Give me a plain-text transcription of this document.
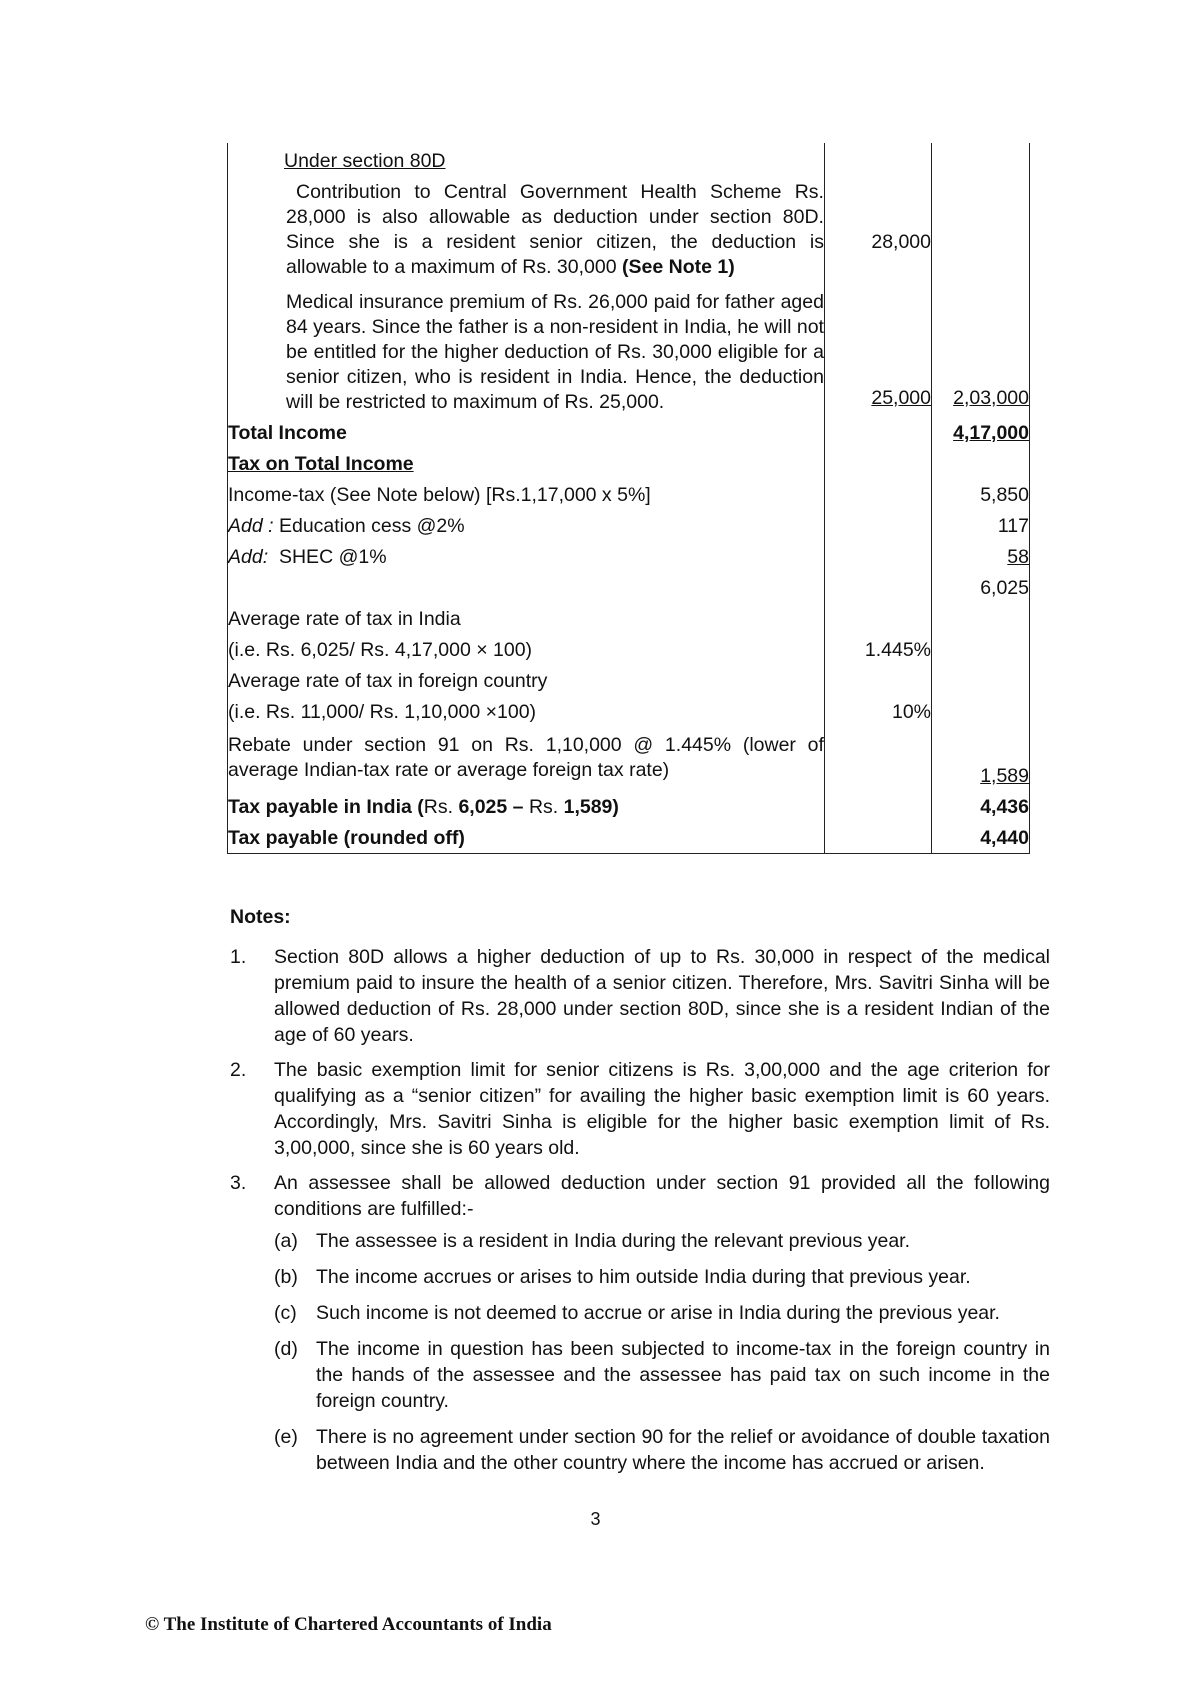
Under section 80D		

Contribution to Central Government Health Scheme Rs. 28,000 is also allowable as deduction under section 80D. Since she is a resident senior citizen, the deduction is allowable to a maximum of Rs. 30,000 (See Note 1)	28,000	

Medical insurance premium of Rs. 26,000 paid for father aged 84 years. Since the father is a non-resident in India, he will not be entitled for the higher deduction of Rs. 30,000 eligible for a senior citizen, who is resident in India. Hence, the deduction will be restricted to maximum of Rs. 25,000.	25,000	2,03,000
Total Income		4,17,000
Tax on Total Income		
Income-tax (See Note below) [Rs.1,17,000 x 5%]		5,850
Add : Education cess @2%		117
Add: SHEC @1%		58
		6,025

Average rate of tax in India
(i.e. Rs. 6,025/ Rs. 4,17,000 × 100)	1.445%	

Average rate of tax in foreign country
(i.e. Rs. 11,000/ Rs. 1,10,000 ×100)	10%	
Rebate under section 91 on Rs. 1,10,000 @ 1.445% (lower of average Indian-tax rate or average foreign tax rate)		1,589
Tax payable in India (Rs. 6,025 – Rs. 1,589)		4,436
Tax payable (rounded off)		4,440
Notes:
1.	Section 80D allows a higher deduction of up to Rs. 30,000 in respect of the medical premium paid to insure the health of a senior citizen. Therefore, Mrs. Savitri Sinha will be allowed deduction of Rs. 28,000 under section 80D, since she is a resident Indian of the age of 60 years.
2.	The basic exemption limit for senior citizens is Rs. 3,00,000 and the age criterion for qualifying as a “senior citizen” for availing the higher basic exemption limit is 60 years. Accordingly, Mrs. Savitri Sinha is eligible for the higher basic exemption limit of Rs. 3,00,000, since she is 60 years old.
3.	An assessee shall be allowed deduction under section 91 provided all the following conditions are fulfilled:-
(a) The assessee is a resident in India during the relevant previous year.
(b) The income accrues or arises to him outside India during that previous year.
(c) Such income is not deemed to accrue or arise in India during the previous year.
(d) The income in question has been subjected to income-tax in the foreign country in the hands of the assessee and the assessee has paid tax on such income in the foreign country.
(e) There is no agreement under section 90 for the relief or avoidance of double taxation between India and the other country where the income has accrued or arisen.
3
© The Institute of Chartered Accountants of India
